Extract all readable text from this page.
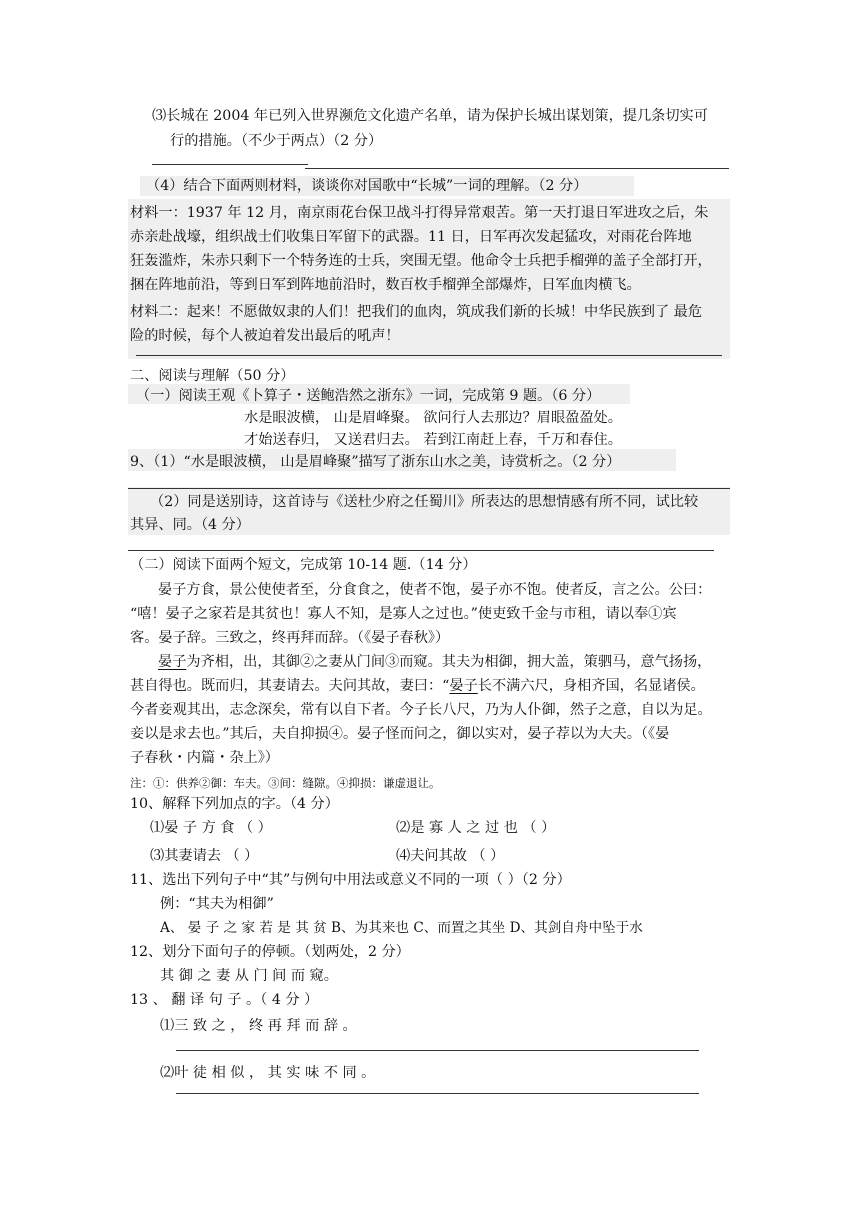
⑶长城在 2004 年已列入世界濒危文化遗产名单，请为保护长城出谋划策，提几条切实可
行的措施。（不少于两点）（2 分）
（4）结合下面两则材料，谈谈你对国歌中“长城”一词的理解。（2 分）
材料一：1937 年 12 月，南京雨花台保卫战斗打得异常艰苦。第一天打退日军进攻之后，朱
赤亲赴战壕，组织战士们收集日军留下的武器。11 日，日军再次发起猛攻，对雨花台阵地
狂轰滥炸，朱赤只剩下一个特务连的士兵，突围无望。他命令士兵把手榴弹的盖子全部打开，
捆在阵地前沿，等到日军到阵地前沿时，数百枚手榴弹全部爆炸，日军血肉横飞。
材料二：起来！不愿做奴隶的人们！把我们的血肉，筑成我们新的长城！中华民族到了 最危
险的时候，每个人被迫着发出最后的吼声！
二、阅读与理解（50 分）
（一）阅读王观《卜算子・送鲍浩然之浙东》一词，完成第 9 题。（6 分）
水是眼波横， 山是眉峰聚。 欲问行人去那边？眉眼盈盈处。
才始送春归， 又送君归去。 若到江南赶上春，千万和春住。
9、（1）“水是眼波横， 山是眉峰聚”描写了浙东山水之美，诗赏析之。（2 分）
（2）同是送别诗，这首诗与《送杜少府之任蜀川》所表达的思想情感有所不同，试比较
其异、同。（4 分）
（二）阅读下面两个短文，完成第 10-14 题.（14 分）
晏子方食，景公使使者至，分食食之，使者不饱，晏子亦不饱。使者反，言之公。公曰：
“嘻！晏子之家若是其贫也！寡人不知，是寡人之过也。”使吏致千金与市租，请以奉①宾
客。晏子辞。三致之，终再拜而辞。（《晏子春秋》）
晏子为齐相，出，其御②之妻从门间③而窥。其夫为相御，拥大盖，策驷马，意气扬扬，
甚自得也。既而归，其妻请去。夫问其故，妻曰：“晏子长不满六尺，身相齐国，名显诸侯。
今者妾观其出，志念深矣，常有以自下者。今子长八尺，乃为人仆御，然子之意，自以为足。
妾以是求去也。”其后，夫自抑损④。晏子怪而问之，御以实对，晏子荐以为大夫。（《晏
子春秋・内篇・杂上》）
注：①：供养②御：车夫。③间：缝隙。④抑损：谦虚退让。
10、解释下列加点的字。（4 分）
⑴晏 子 方 食 （ ）	⑵是 寡 人 之 过 也 （ ）
⑶其妻请去 （ ）	⑷夫问其故 （ ）
11、选出下列句子中“其”与例句中用法或意义不同的一项（ ）（2 分）
例：“其夫为相御”
A、 晏 子 之 家 若 是 其 贫 B、为其来也 C、而置之其坐 D、其剑自舟中坠于水
12、划分下面句子的停顿。（划两处，2 分）
其 御 之 妻 从 门 间 而 窥。
13 、 翻 译 句 子 。（ 4 分 ）
⑴三 致 之 ， 终 再 拜 而 辞 。
⑵叶 徒 相 似 ， 其 实 味 不 同 。
